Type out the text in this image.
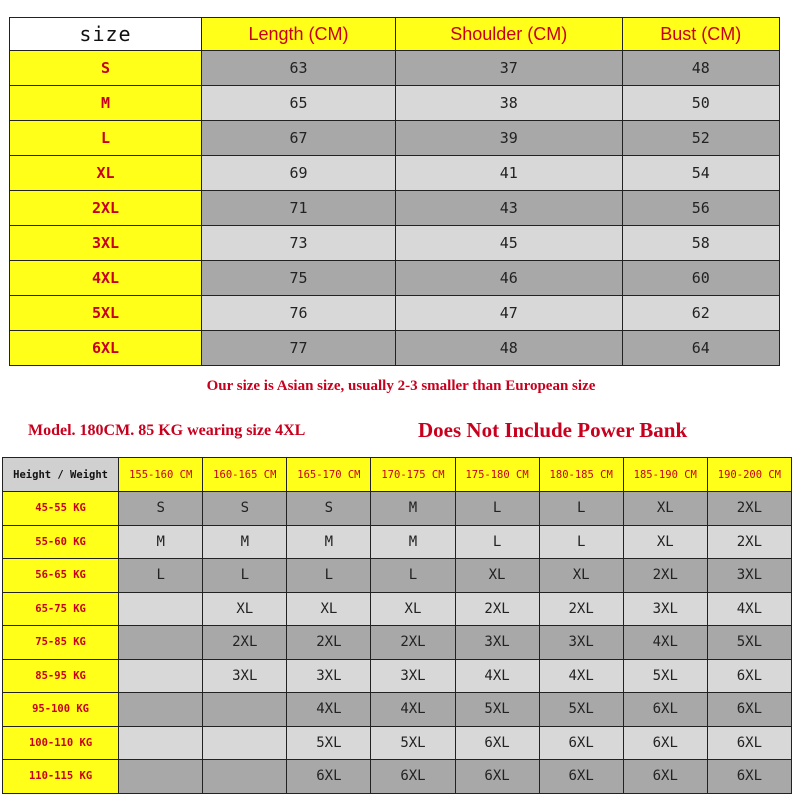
size	Length (CM)	Shoulder (CM)	Bust (CM)
S	63	37	48
M	65	38	50
L	67	39	52
XL	69	41	54
2XL	71	43	56
3XL	73	45	58
4XL	75	46	60
5XL	76	47	62
6XL	77	48	64
Our size is Asian size, usually 2-3 smaller than European size
Model. 180CM. 85 KG wearing size 4XL	Does Not Include Power Bank
Height / Weight	155-160 CM	160-165 CM	165-170 CM	170-175 CM	175-180 CM	180-185 CM	185-190 CM	190-200 CM
45-55 KG	S	S	S	M	L	L	XL	2XL
55-60 KG	M	M	M	M	L	L	XL	2XL
56-65 KG	L	L	L	L	XL	XL	2XL	3XL
65-75 KG		XL	XL	XL	2XL	2XL	3XL	4XL
75-85 KG		2XL	2XL	2XL	3XL	3XL	4XL	5XL
85-95 KG		3XL	3XL	3XL	4XL	4XL	5XL	6XL
95-100 KG			4XL	4XL	5XL	5XL	6XL	6XL
100-110 KG			5XL	5XL	6XL	6XL	6XL	6XL
110-115 KG			6XL	6XL	6XL	6XL	6XL	6XL
